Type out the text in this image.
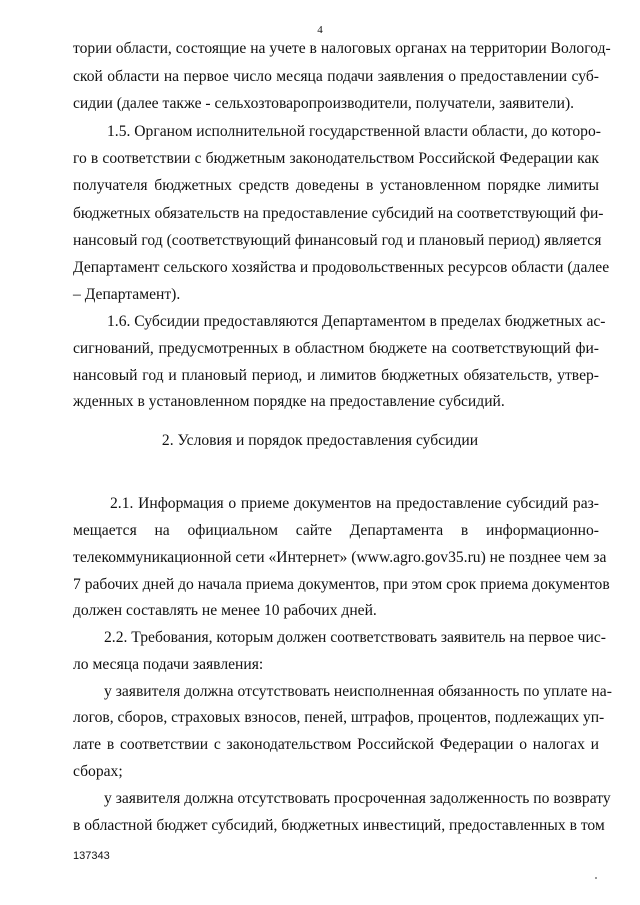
4
тории области, состоящие на учете в налоговых органах на территории Вологод-
ской области на первое число месяца подачи заявления о предоставлении суб-
сидии (далее также - сельхозтоваропроизводители, получатели, заявители).
1.5. Органом исполнительной государственной власти области, до которо-
го в соответствии с бюджетным законодательством Российской Федерации как
получателя бюджетных средств доведены в установленном порядке лимиты
бюджетных обязательств на предоставление субсидий на соответствующий фи-
нансовый год (соответствующий финансовый год и плановый период) является
Департамент сельского хозяйства и продовольственных ресурсов области (далее
– Департамент).
1.6. Субсидии предоставляются Департаментом в пределах бюджетных ас-
сигнований, предусмотренных в областном бюджете на соответствующий фи-
нансовый год и плановый период, и лимитов бюджетных обязательств, утвер-
жденных в установленном порядке на предоставление субсидий.
2. Условия и порядок предоставления субсидии
2.1. Информация о приеме документов на предоставление субсидий раз-
мещается на официальном сайте Департамента в информационно-
телекоммуникационной сети «Интернет» (www.agro.gov35.ru) не позднее чем за
7 рабочих дней до начала приема документов, при этом срок приема документов
должен составлять не менее 10 рабочих дней.
2.2. Требования, которым должен соответствовать заявитель на первое чис-
ло месяца подачи заявления:
у заявителя должна отсутствовать неисполненная обязанность по уплате на-
логов, сборов, страховых взносов, пеней, штрафов, процентов, подлежащих уп-
лате в соответствии с законодательством Российской Федерации о налогах и
сборах;
у заявителя должна отсутствовать просроченная задолженность по возврату
в областной бюджет субсидий, бюджетных инвестиций, предоставленных в том
137343
